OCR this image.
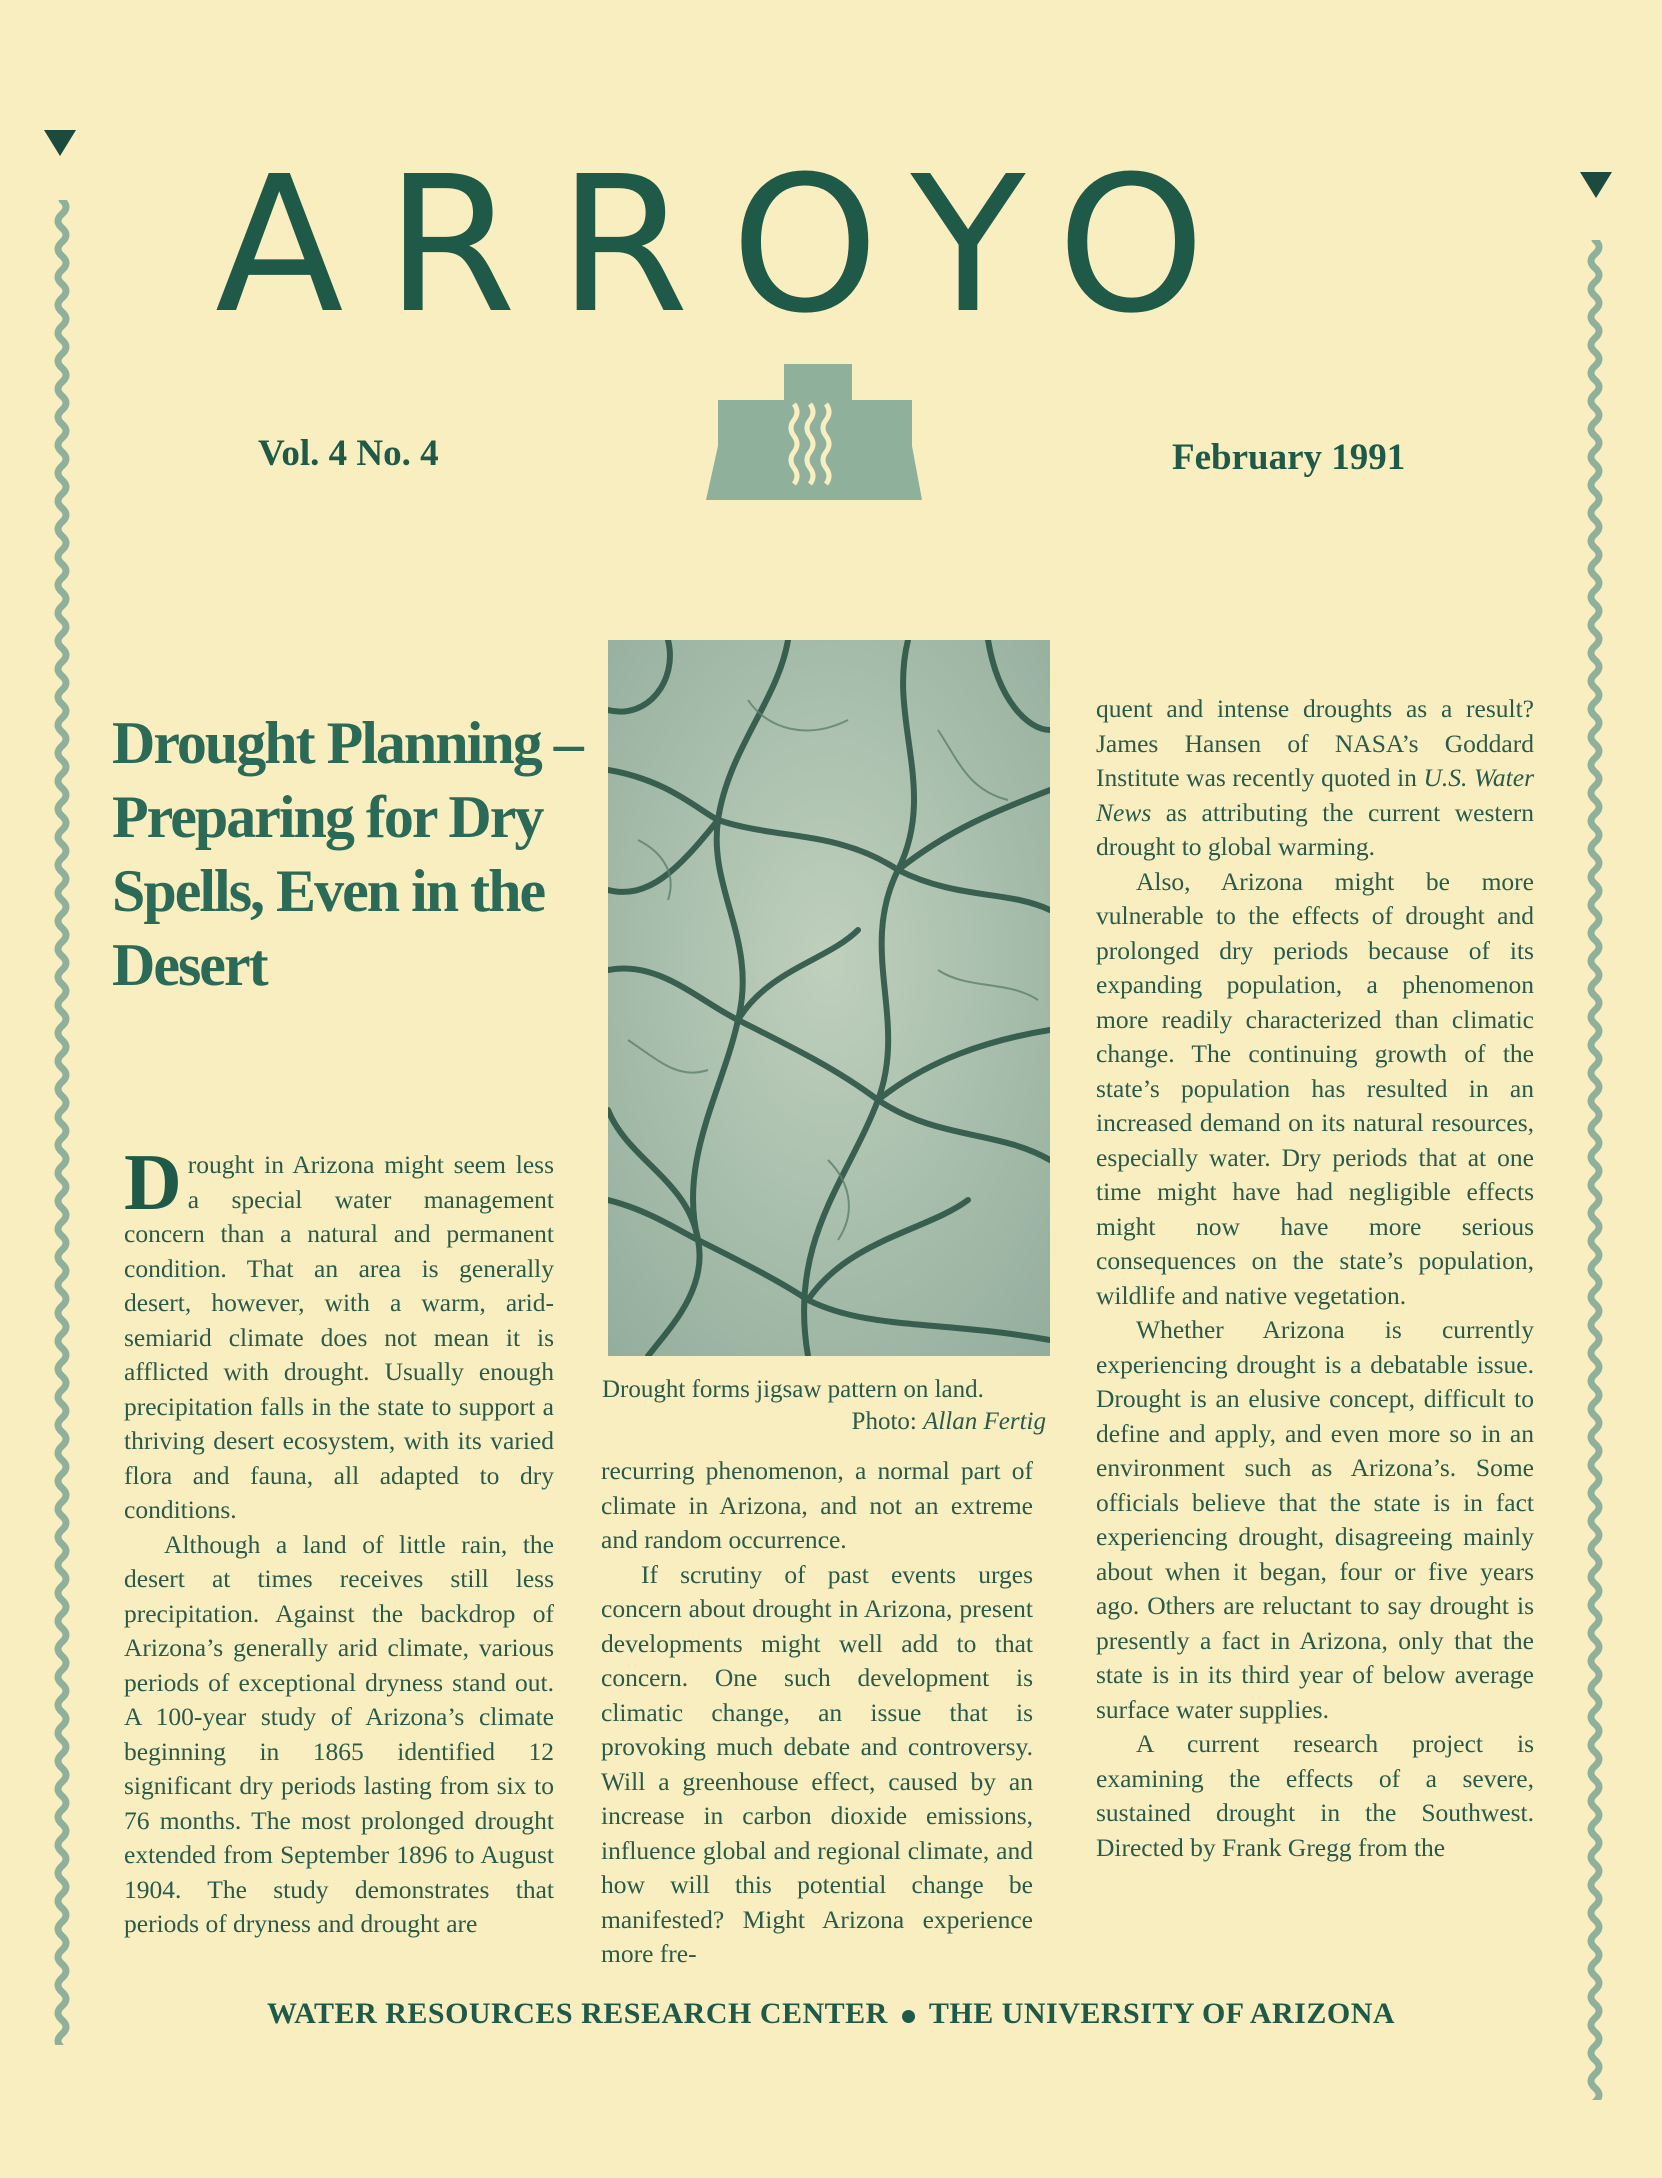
ARROYO
Vol. 4 No. 4	February 1991
Drought Planning – Preparing for Dry Spells, Even in the Desert

Drought in Arizona might seem less a special water management concern than a natural and permanent condition. That an area is generally desert, however, with a warm, arid-semiarid climate does not mean it is afflicted with drought. Usually enough precipitation falls in the state to support a thriving desert ecosystem, with its varied flora and fauna, all adapted to dry conditions.

Although a land of little rain, the desert at times receives still less precipitation. Against the backdrop of Arizona’s generally arid climate, various periods of exceptional dryness stand out. A 100-year study of Arizona’s climate beginning in 1865 identified 12 significant dry periods lasting from six to 76 months. The most prolonged drought extended from September 1896 to August 1904. The study demonstrates that periods of dryness and drought are

Drought forms jigsaw pattern on land.
Photo: Allan Fertig

recurring phenomenon, a normal part of climate in Arizona, and not an extreme and random occurrence.

If scrutiny of past events urges concern about drought in Arizona, present developments might well add to that concern. One such development is climatic change, an issue that is provoking much debate and controversy. Will a greenhouse effect, caused by an increase in carbon dioxide emissions, influence global and regional climate, and how will this potential change be manifested? Might Arizona experience more fre-

quent and intense droughts as a result? James Hansen of NASA’s Goddard Institute was recently quoted in U.S. Water News as attributing the current western drought to global warming.

Also, Arizona might be more vulnerable to the effects of drought and prolonged dry periods because of its expanding population, a phenomenon more readily characterized than climatic change. The continuing growth of the state’s population has resulted in an increased demand on its natural resources, especially water. Dry periods that at one time might have had negligible effects might now have more serious consequences on the state’s population, wildlife and native vegetation.

Whether Arizona is currently experiencing drought is a debatable issue. Drought is an elusive concept, difficult to define and apply, and even more so in an environment such as Arizona’s. Some officials believe that the state is in fact experiencing drought, disagreeing mainly about when it began, four or five years ago. Others are reluctant to say drought is presently a fact in Arizona, only that the state is in its third year of below average surface water supplies.

A current research project is examining the effects of a severe, sustained drought in the Southwest. Directed by Frank Gregg from the

WATER RESOURCES RESEARCH CENTER THE UNIVERSITY OF ARIZONA
